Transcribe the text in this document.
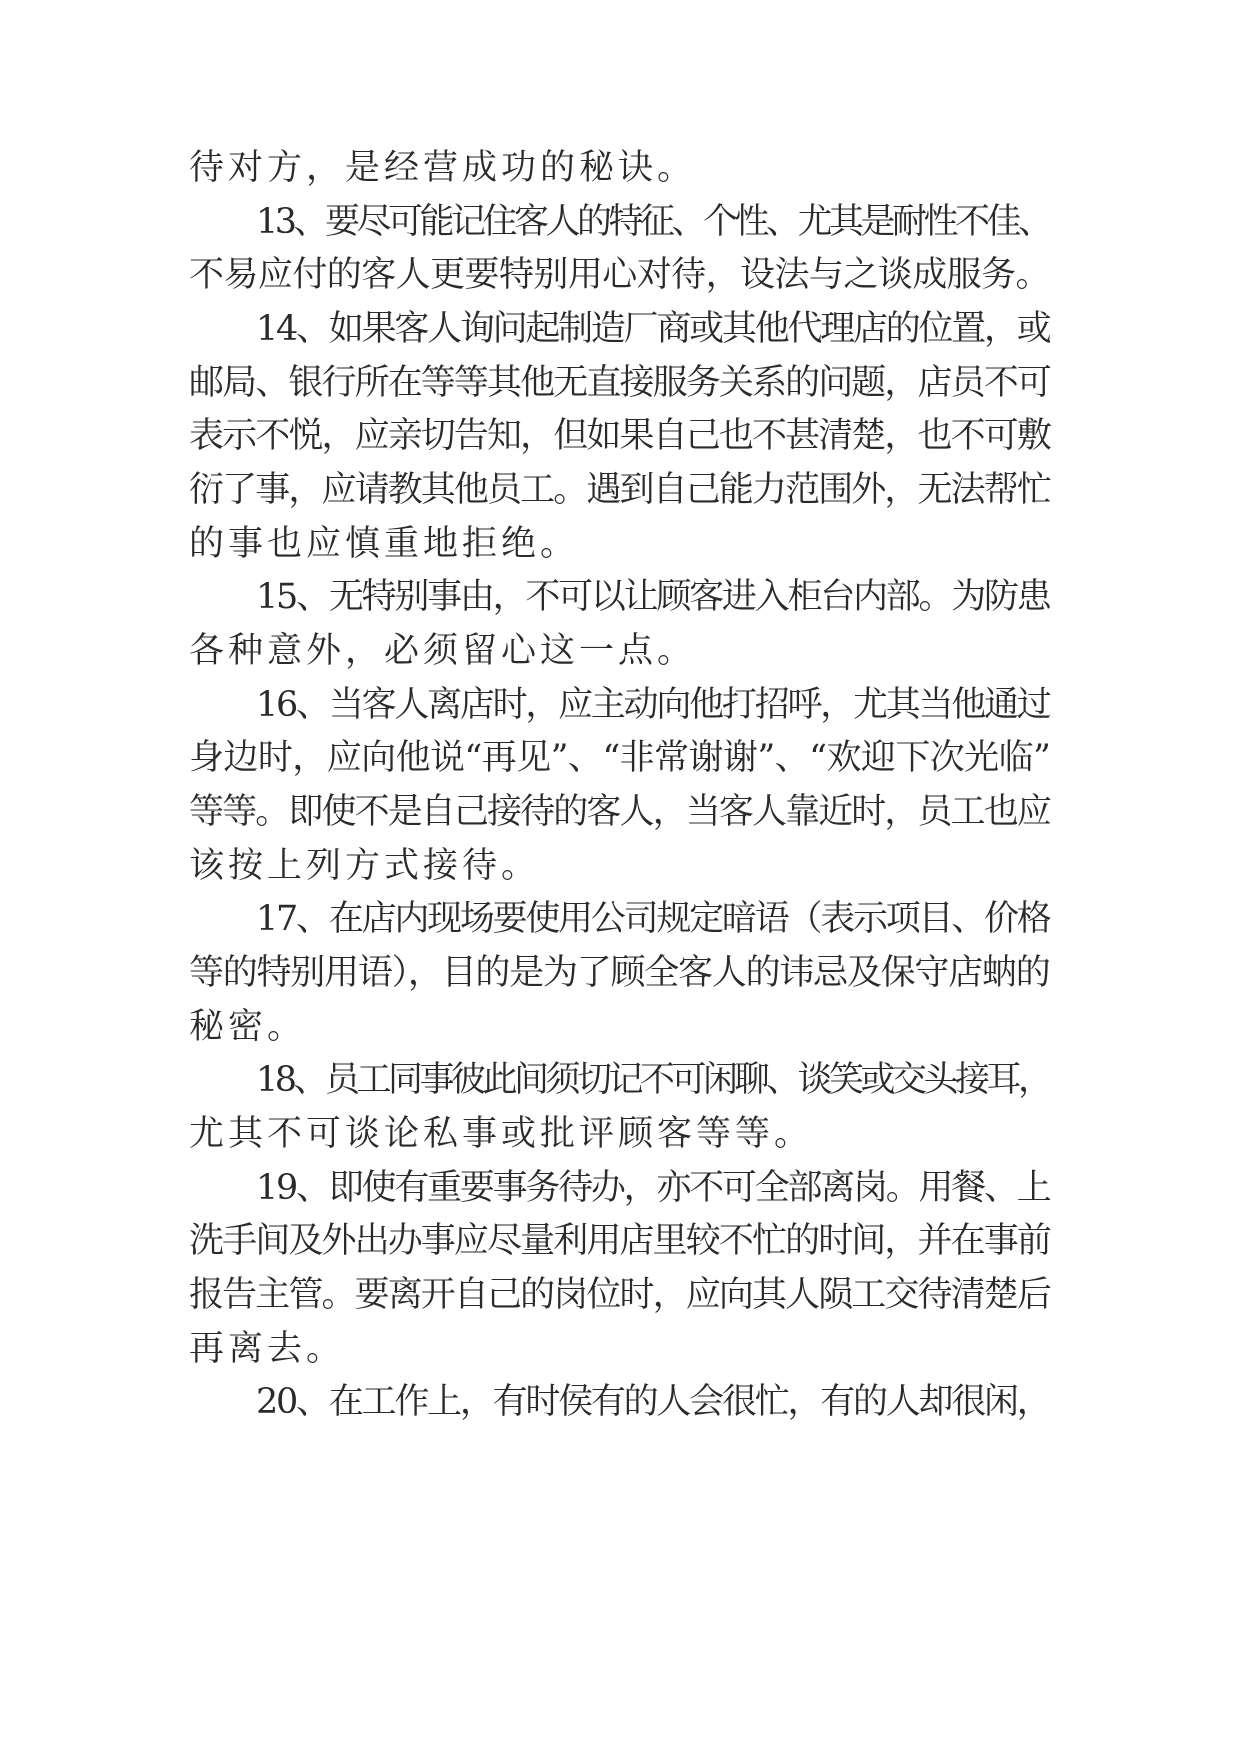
待对方，是经营成功的秘诀。
13、要尽可能记住客人的特征、个性、尤其是耐性不佳、
不易应付的客人更要特别用心对待，设法与之谈成服务。
14、如果客人询问起制造厂商或其他代理店的位置，或
邮局、银行所在等等其他无直接服务关系的问题，店员不可
表示不悦，应亲切告知，但如果自己也不甚清楚，也不可敷
衍了事，应请教其他员工。遇到自己能力范围外，无法帮忙
的事也应慎重地拒绝。
15、无特别事由，不可以让顾客进入柜台内部。为防患
各种意外，必须留心这一点。
16、当客人离店时，应主动向他打招呼，尤其当他通过
身边时，应向他说“再见”、“非常谢谢”、“欢迎下次光临”
等等。即使不是自己接待的客人，当客人靠近时，员工也应
该按上列方式接待。
17、在店内现场要使用公司规定暗语（表示项目、价格
等的特别用语），目的是为了顾全客人的讳忌及保守店蚋的
秘密。
18、员工同事彼此间须切记不可闲聊、谈笑或交头接耳，
尤其不可谈论私事或批评顾客等等。
19、即使有重要事务待办，亦不可全部离岗。用餐、上
洗手间及外出办事应尽量利用店里较不忙的时间，并在事前
报告主管。要离开自己的岗位时，应向其人陨工交待清楚后
再离去。
20、在工作上，有时侯有的人会很忙，有的人却很闲，
